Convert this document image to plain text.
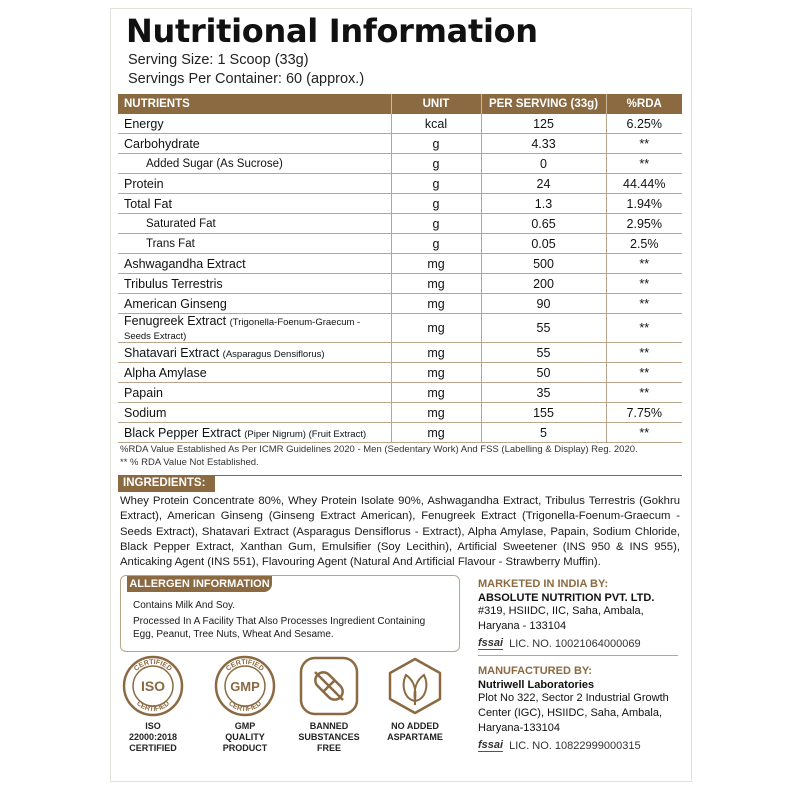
Nutritional Information
Serving Size: 1 Scoop (33g)
Servings Per Container: 60 (approx.)
NUTRIENTS	UNIT	PER SERVING (33g)	%RDA
Energy	kcal	125	6.25%
Carbohydrate	g	4.33	**
Added Sugar (As Sucrose)	g	0	**
Protein	g	24	44.44%
Total Fat	g	1.3	1.94%
Saturated Fat	g	0.65	2.95%
Trans Fat	g	0.05	2.5%
Ashwagandha Extract	mg	500	**
Tribulus Terrestris	mg	200	**
American Ginseng	mg	90	**
Fenugreek Extract (Trigonella-Foenum-Graecum - Seeds Extract)	mg	55	**
Shatavari Extract (Asparagus Densiflorus)	mg	55	**
Alpha Amylase	mg	50	**
Papain	mg	35	**
Sodium	mg	155	7.75%
Black Pepper Extract (Piper Nigrum) (Fruit Extract)	mg	5	**
%RDA Value Established As Per ICMR Guidelines 2020 - Men (Sedentary Work) And FSS (Labelling & Display) Reg. 2020.
** % RDA Value Not Established.
INGREDIENTS:
Whey Protein Concentrate 80%, Whey Protein Isolate 90%, Ashwagandha Extract, Tribulus Terrestris (Gokhru Extract), American Ginseng (Ginseng Extract American), Fenugreek Extract (Trigonella-Foenum-Graecum - Seeds Extract), Shatavari Extract (Asparagus Densiflorus - Extract), Alpha Amylase, Papain, Sodium Chloride, Black Pepper Extract, Xanthan Gum, Emulsifier (Soy Lecithin), Artificial Sweetener (INS 950 & INS 955), Anticaking Agent (INS 551), Flavouring Agent (Natural And Artificial Flavour - Strawberry Muffin).
ALLERGEN INFORMATION
Contains Milk And Soy.
Processed In A Facility That Also Processes Ingredient Containing
Egg, Peanut, Tree Nuts, Wheat And Sesame.
CERTIFIED
CERTIFIED
ISO
ISO
22000:2018
CERTIFIED
CERTIFIED
CERTIFIED
GMP
GMP
QUALITY
PRODUCT
BANNED
SUBSTANCES
FREE
NO ADDED
ASPARTAME
MARKETED IN INDIA BY:
ABSOLUTE NUTRITION PVT. LTD.
#319, HSIIDC, IIC, Saha, Ambala,
Haryana - 133104
fssai LIC. NO. 10021064000069
MANUFACTURED BY:
Nutriwell Laboratories
Plot No 322, Sector 2 Industrial Growth
Center (IGC), HSIIDC, Saha, Ambala,
Haryana-133104
fssai LIC. NO. 10822999000315
